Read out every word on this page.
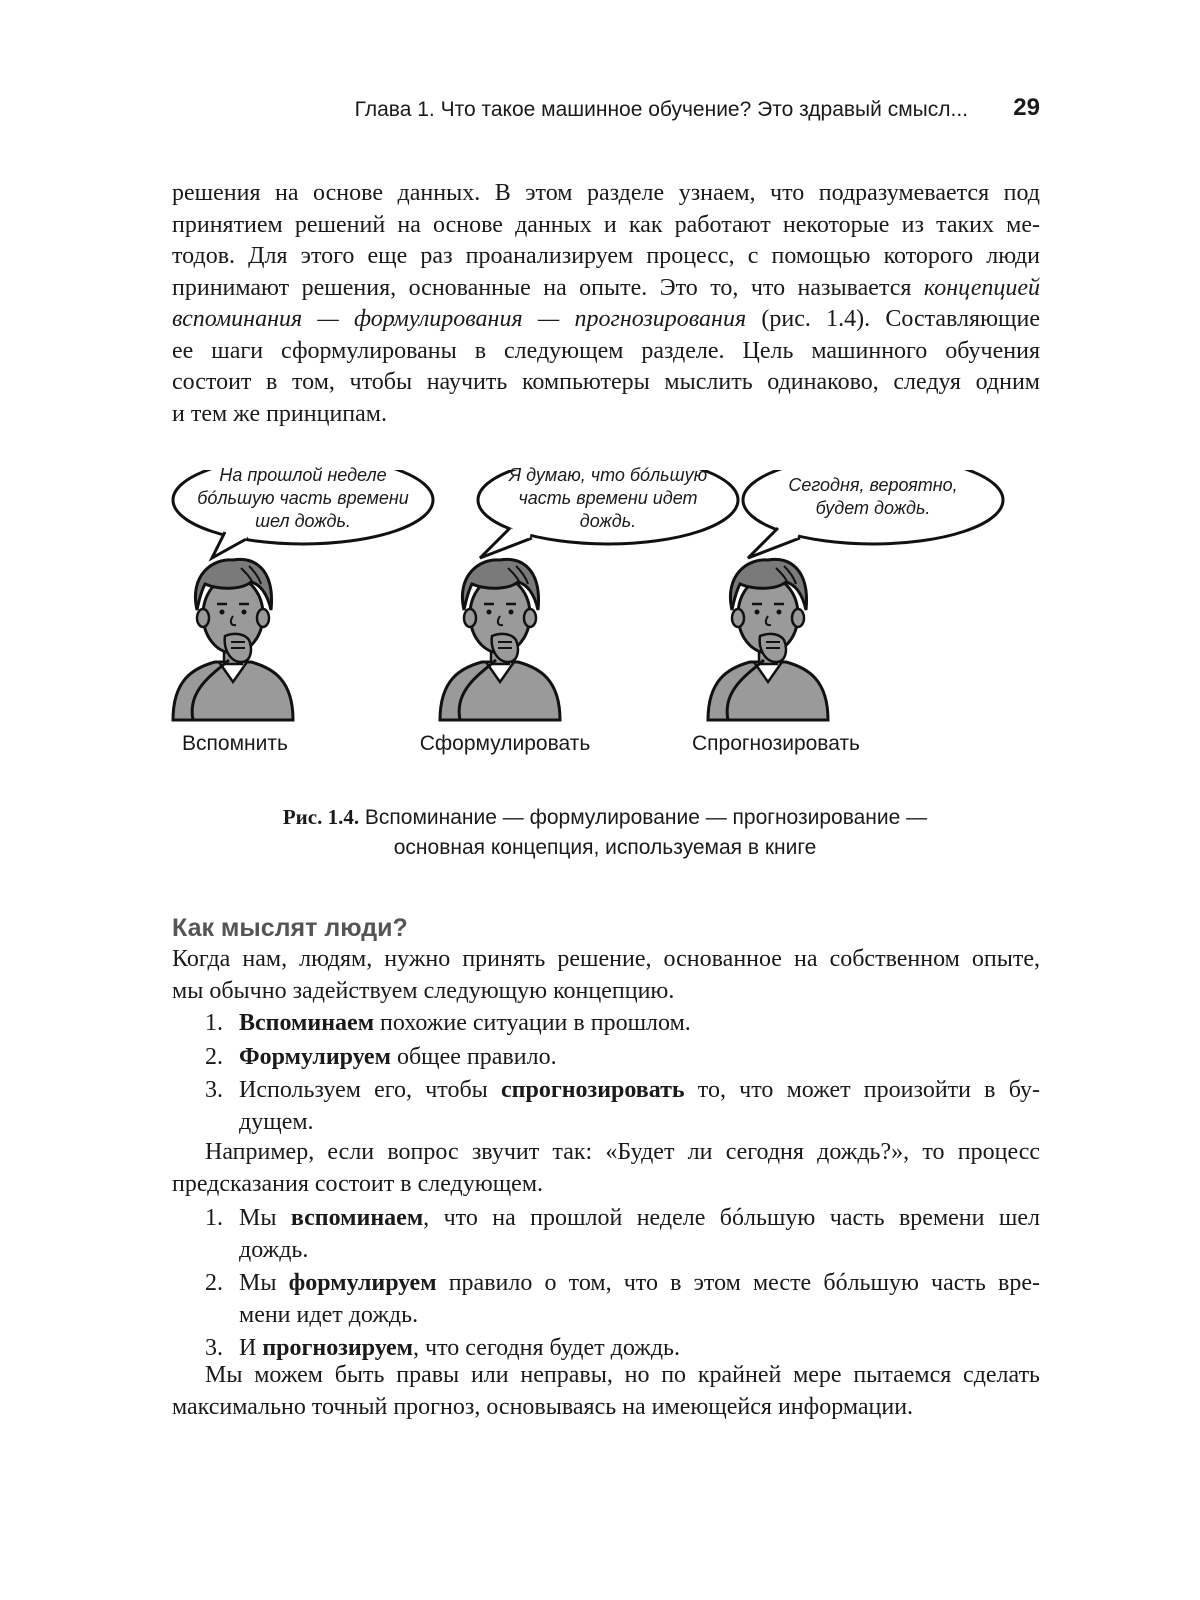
Глава 1. Что такое машинное обучение? Это здравый смысл... 29
решения на основе данных. В этом разделе узнаем, что подразумевается под
принятием решений на основе данных и как работают некоторые из таких ме-
тодов. Для этого еще раз проанализируем процесс, с помощью которого люди
принимают решения, основанные на опыте. Это то, что называется концепцией
вспоминания — формулирования — прогнозирования (рис. 1.4). Составляющие
ее шаги сформулированы в следующем разделе. Цель машинного обучения
состоит в том, чтобы научить компьютеры мыслить одинаково, следуя одним
и тем же принципам.
На прошлой неделе
бóльшую часть времени
шел дождь.
Я думаю, что бóльшую
часть времени идет
дождь.
Сегодня, вероятно,
будет дождь.
Вспомнить	Сформулировать	Спрогнозировать
Рис. 1.4. Вспоминание — формулирование — прогнозирование —
основная концепция, используемая в книге
Как мыслят люди?
Когда нам, людям, нужно принять решение, основанное на собственном опыте,
мы обычно задействуем следующую концепцию.
1. Вспоминаем похожие ситуации в прошлом.
2. Формулируем общее правило.
3. Используем его, чтобы спрогнозировать то, что может произойти в бу-
дущем.
Например, если вопрос звучит так: «Будет ли сегодня дождь?», то процесс
предсказания состоит в следующем.
1. Мы вспоминаем, что на прошлой неделе бóльшую часть времени шел
дождь.
2. Мы формулируем правило о том, что в этом месте бóльшую часть вре-
мени идет дождь.
3. И прогнозируем, что сегодня будет дождь.
Мы можем быть правы или неправы, но по крайней мере пытаемся сделать
максимально точный прогноз, основываясь на имеющейся информации.
